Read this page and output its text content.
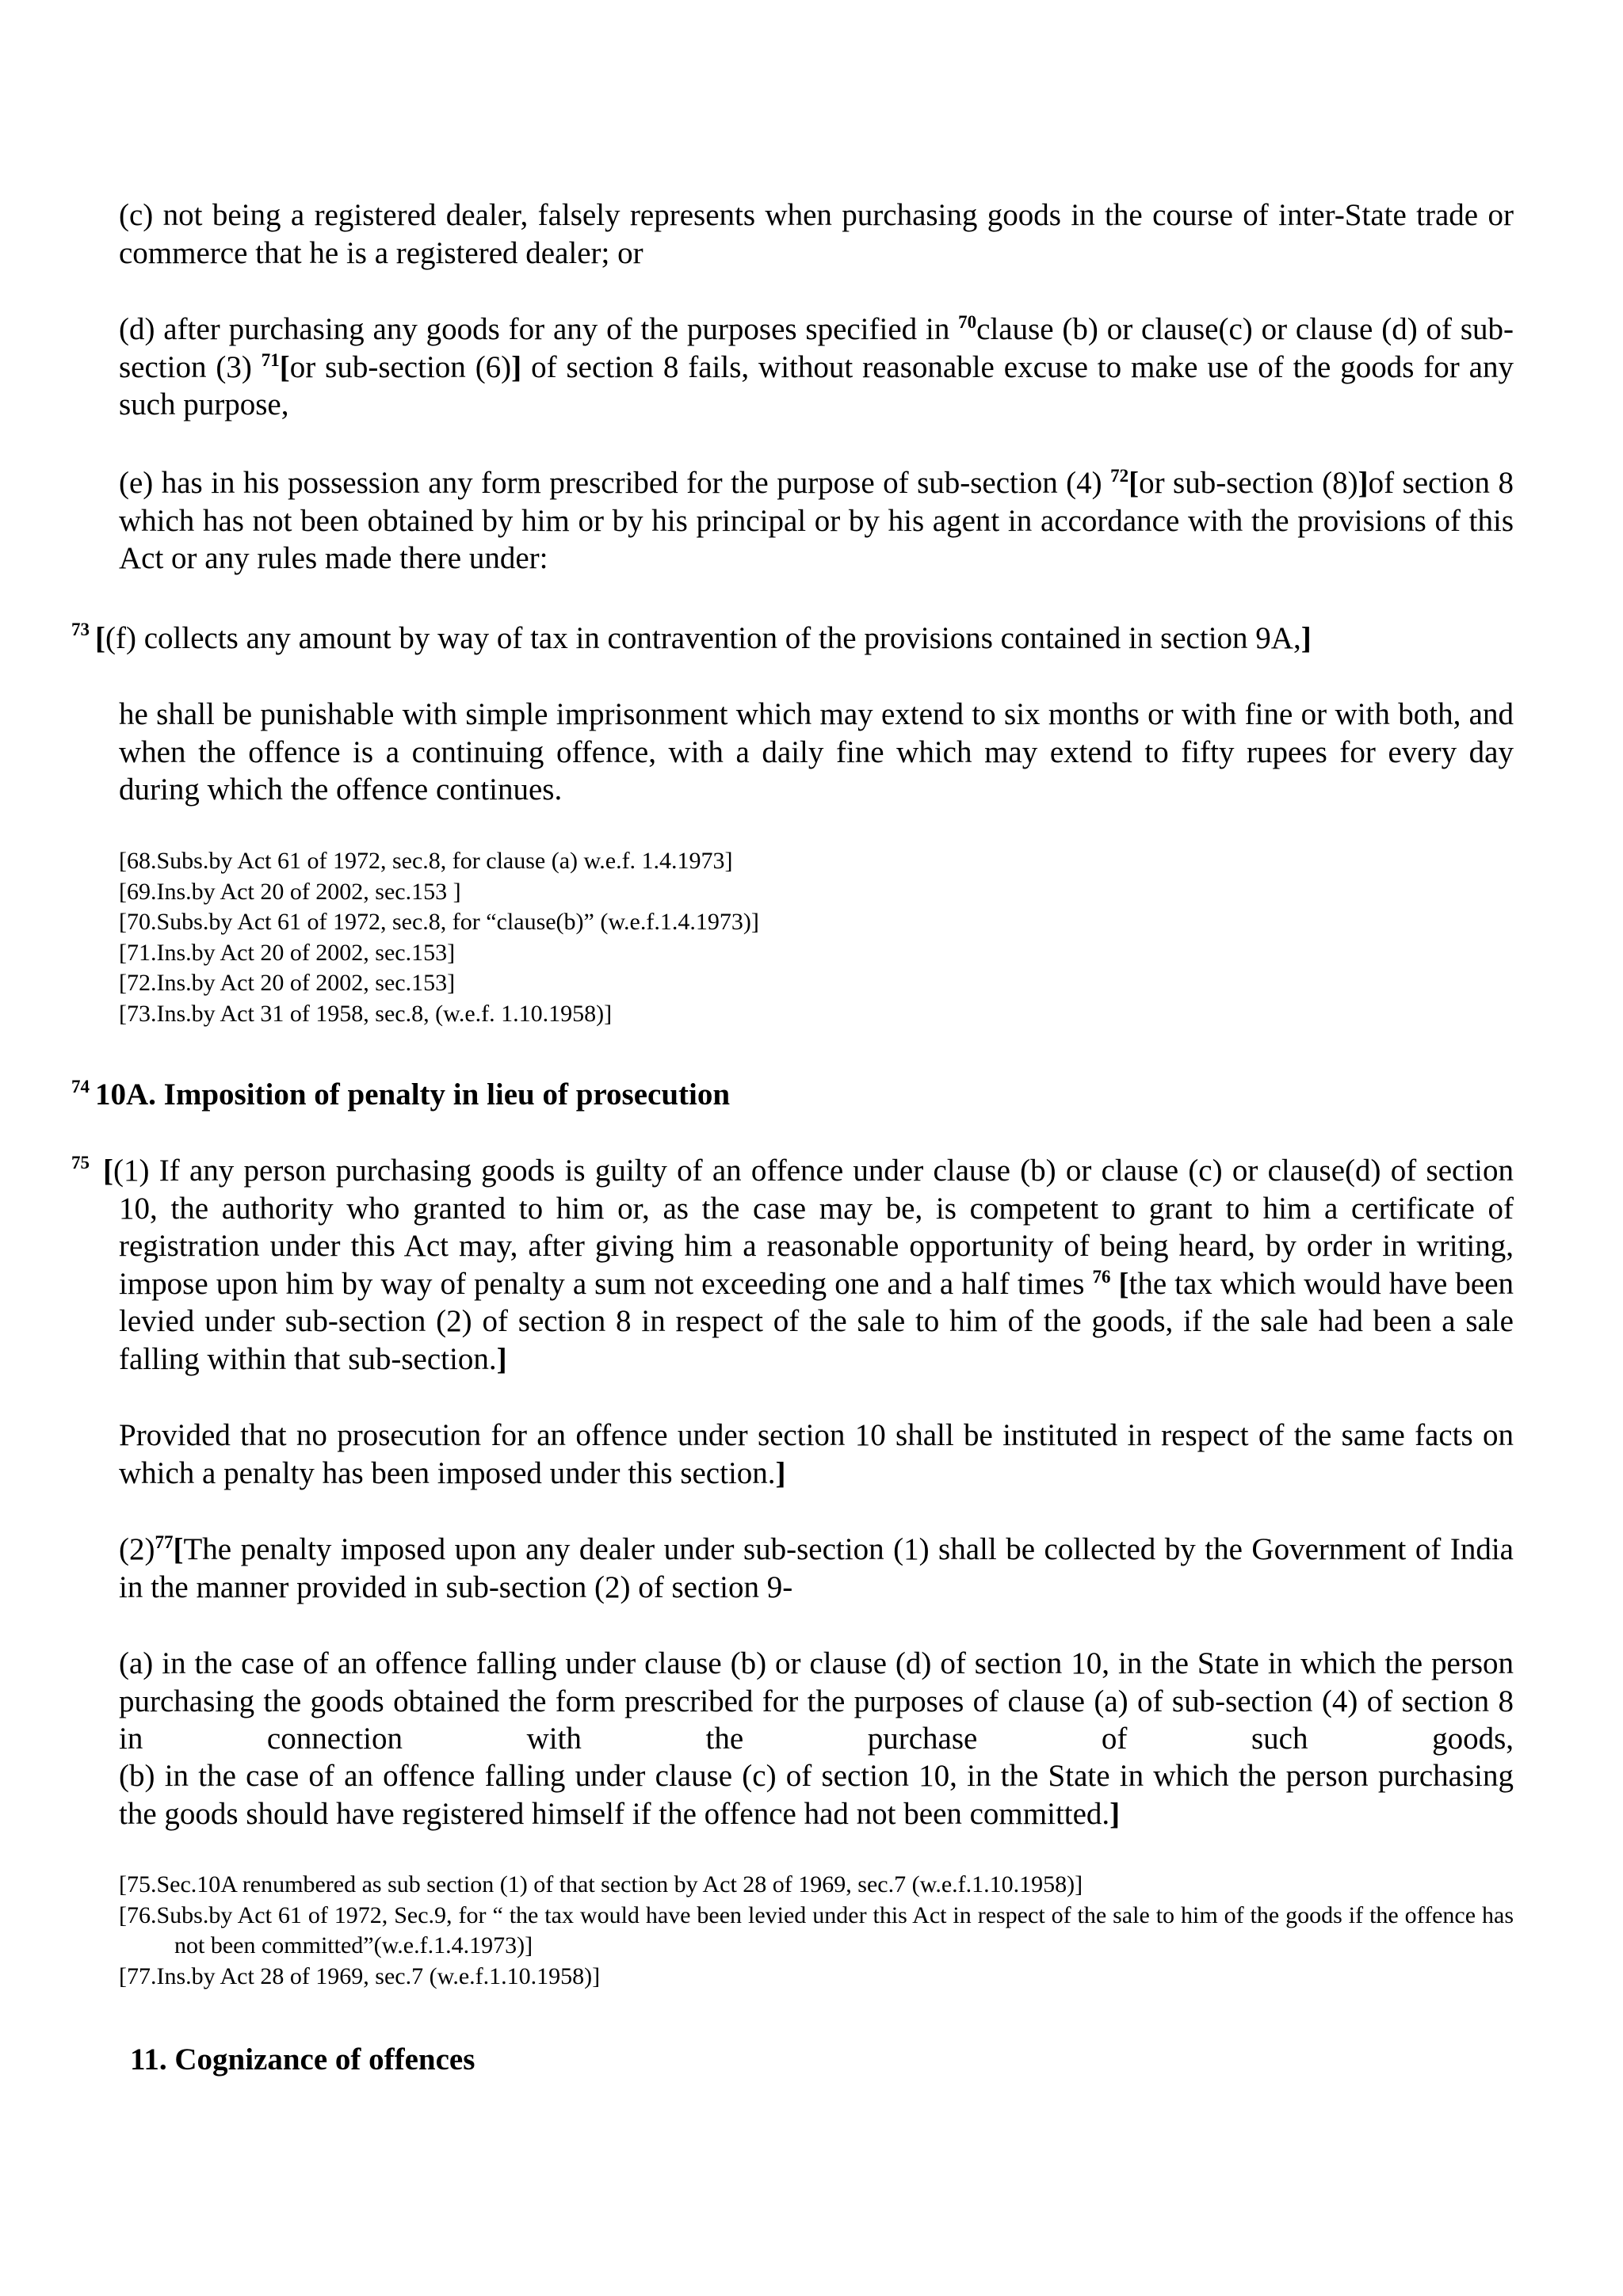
(c) not being a registered dealer, falsely represents when purchasing goods in the course of inter-State trade or commerce that he is a registered dealer; or

(d) after purchasing any goods for any of the purposes specified in $^{70}$clause (b) or clause(c) or clause (d) of sub-section (3) $^{71}$[or sub-section (6)] of section 8 fails, without reasonable excuse to make use of the goods for any such purpose,

(e) has in his possession any form prescribed for the purpose of sub-section (4) $^{72}$[or sub-section (8)]of section 8 which has not been obtained by him or by his principal or by his agent in accordance with the provisions of this Act or any rules made there under:

73 [(f) collects any amount by way of tax in contravention of the provisions contained in section 9A,]

he shall be punishable with simple imprisonment which may extend to six months or with fine or with both, and when the offence is a continuing offence, with a daily fine which may extend to fifty rupees for every day during which the offence continues.

[68.Subs.by Act 61 of 1972, sec.8, for clause (a) w.e.f. 1.4.1973]
[69.Ins.by Act 20 of 2002, sec.153 ]
[70.Subs.by Act 61 of 1972, sec.8, for “clause(b)” (w.e.f.1.4.1973)]
[71.Ins.by Act 20 of 2002, sec.153]
[72.Ins.by Act 20 of 2002, sec.153]
[73.Ins.by Act 31 of 1958, sec.8, (w.e.f. 1.10.1958)]
74 10A. Imposition of penalty in lieu of prosecution
75 [(1) If any person purchasing goods is guilty of an offence under clause (b) or clause (c) or clause(d) of section 10, the authority who granted to him or, as the case may be, is competent to grant to him a certificate of registration under this Act may, after giving him a reasonable opportunity of being heard, by order in writing, impose upon him by way of penalty a sum not exceeding one and a half times $^{76}$ [the tax which would have been levied under sub-section (2) of section 8 in respect of the sale to him of the goods, if the sale had been a sale falling within that sub-section.]

Provided that no prosecution for an offence under section 10 shall be instituted in respect of the same facts on which a penalty has been imposed under this section.]

$(2)^{77}[The$ penalty imposed upon any dealer under sub-section (1) shall be collected by the Government of India in the manner provided in sub-section (2) of section 9-

(a) in the case of an offence falling under clause (b) or clause (d) of section 10, in the State in which the person purchasing the goods obtained the form prescribed for the purposes of clause (a) of sub-section (4) of section 8 in connection with the purchase of such goods,

(b) in the case of an offence falling under clause (c) of section 10, in the State in which the person purchasing the goods should have registered himself if the offence had not been committed.]

[75.Sec.10A renumbered as sub section (1) of that section by Act 28 of 1969, sec.7 (w.e.f.1.10.1958)]
[76.Subs.by Act 61 of 1972, Sec.9, for “ the tax would have been levied under this Act in respect of the sale to him of the goods if the offence has not been committed”(w.e.f.1.4.1973)]
[77.Ins.by Act 28 of 1969, sec.7 (w.e.f.1.10.1958)]
11. Cognizance of offences
